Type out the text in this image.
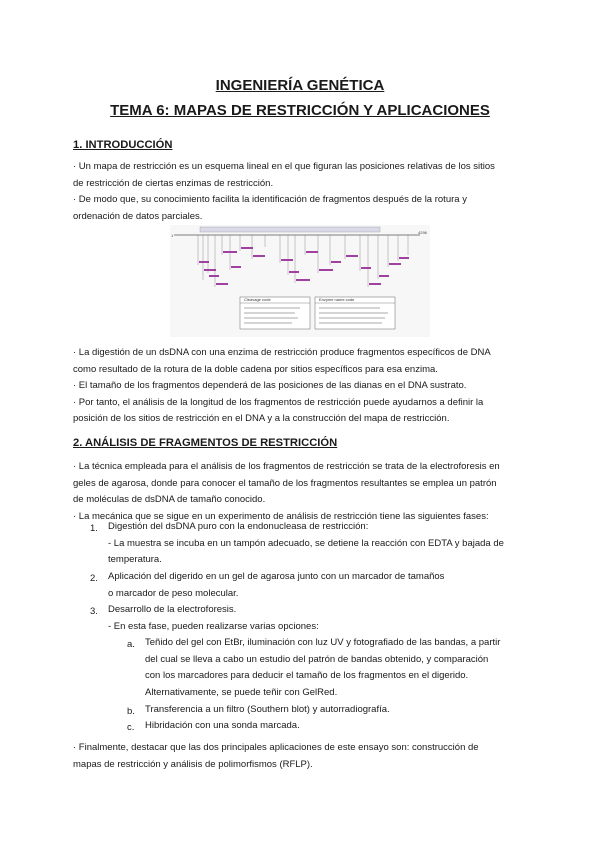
INGENIERÍA GENÉTICA
TEMA 6: MAPAS DE RESTRICCIÓN Y APLICACIONES
1. INTRODUCCIÓN
· Un mapa de restricción es un esquema lineal en el que figuran las posiciones relativas de los sitios
de restricción de ciertas enzimas de restricción.
· De modo que, su conocimiento facilita la identificación de fragmentos después de la rotura y
ordenación de datos parciales.
1
4296
Cleavage code	Enzyme name code
· La digestión de un dsDNA con una enzima de restricción produce fragmentos específicos de DNA
como resultado de la rotura de la doble cadena por sitios específicos para esa enzima.
· El tamaño de los fragmentos dependerá de las posiciones de las dianas en el DNA sustrato.
· Por tanto, el análisis de la longitud de los fragmentos de restricción puede ayudarnos a definir la
posición de los sitios de restricción en el DNA y a la construcción del mapa de restricción.
2. ANÁLISIS DE FRAGMENTOS DE RESTRICCIÓN
· La técnica empleada para el análisis de los fragmentos de restricción se trata de la electroforesis en
geles de agarosa, donde para conocer el tamaño de los fragmentos resultantes se emplea un patrón
de moléculas de dsDNA de tamaño conocido.
· La mecánica que se sigue en un experimento de análisis de restricción tiene las siguientes fases:
1. Digestión del dsDNA puro con la endonucleasa de restricción:
- La muestra se incuba en un tampón adecuado, se detiene la reacción con EDTA y bajada de
temperatura.
2. Aplicación del digerido en un gel de agarosa junto con un marcador de tamaños
o marcador de peso molecular.
3. Desarrollo de la electroforesis.
- En esta fase, pueden realizarse varias opciones:
a. Teñido del gel con EtBr, iluminación con luz UV y fotografiado de las bandas, a partir
del cual se lleva a cabo un estudio del patrón de bandas obtenido, y comparación
con los marcadores para deducir el tamaño de los fragmentos en el digerido.
Alternativamente, se puede teñir con GelRed.
b. Transferencia a un filtro (Southern blot) y autorradiografía.
c. Hibridación con una sonda marcada.
· Finalmente, destacar que las dos principales aplicaciones de este ensayo son: construcción de
mapas de restricción y análisis de polimorfismos (RFLP).
